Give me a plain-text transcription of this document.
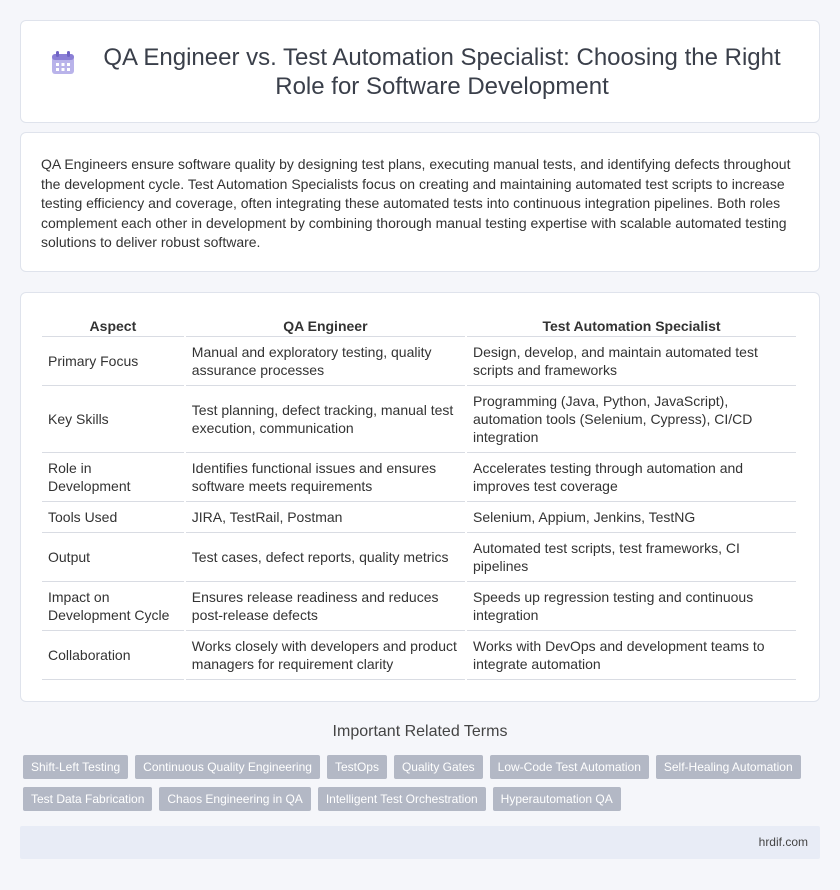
QA Engineer vs. Test Automation Specialist: Choosing the Right Role for Software Development

QA Engineers ensure software quality by designing test plans, executing manual tests, and identifying defects throughout the development cycle. Test Automation Specialists focus on creating and maintaining automated test scripts to increase testing efficiency and coverage, often integrating these automated tests into continuous integration pipelines. Both roles complement each other in development by combining thorough manual testing expertise with scalable automated testing solutions to deliver robust software.

Aspect	QA Engineer	Test Automation Specialist
Primary Focus	Manual and exploratory testing, quality assurance processes	Design, develop, and maintain automated test scripts and frameworks
Key Skills	Test planning, defect tracking, manual test execution, communication	Programming (Java, Python, JavaScript), automation tools (Selenium, Cypress), CI/CD integration
Role in Development	Identifies functional issues and ensures software meets requirements	Accelerates testing through automation and improves test coverage
Tools Used	JIRA, TestRail, Postman	Selenium, Appium, Jenkins, TestNG
Output	Test cases, defect reports, quality metrics	Automated test scripts, test frameworks, CI pipelines
Impact on Development Cycle	Ensures release readiness and reduces post-release defects	Speeds up regression testing and continuous integration
Collaboration	Works closely with developers and product managers for requirement clarity	Works with DevOps and development teams to integrate automation
Important Related Terms
Shift-Left Testing	Continuous Quality Engineering	TestOps	Quality Gates	Low-Code Test Automation	Self-Healing Automation
Test Data Fabrication	Chaos Engineering in QA	Intelligent Test Orchestration	Hyperautomation QA
hrdif.com
